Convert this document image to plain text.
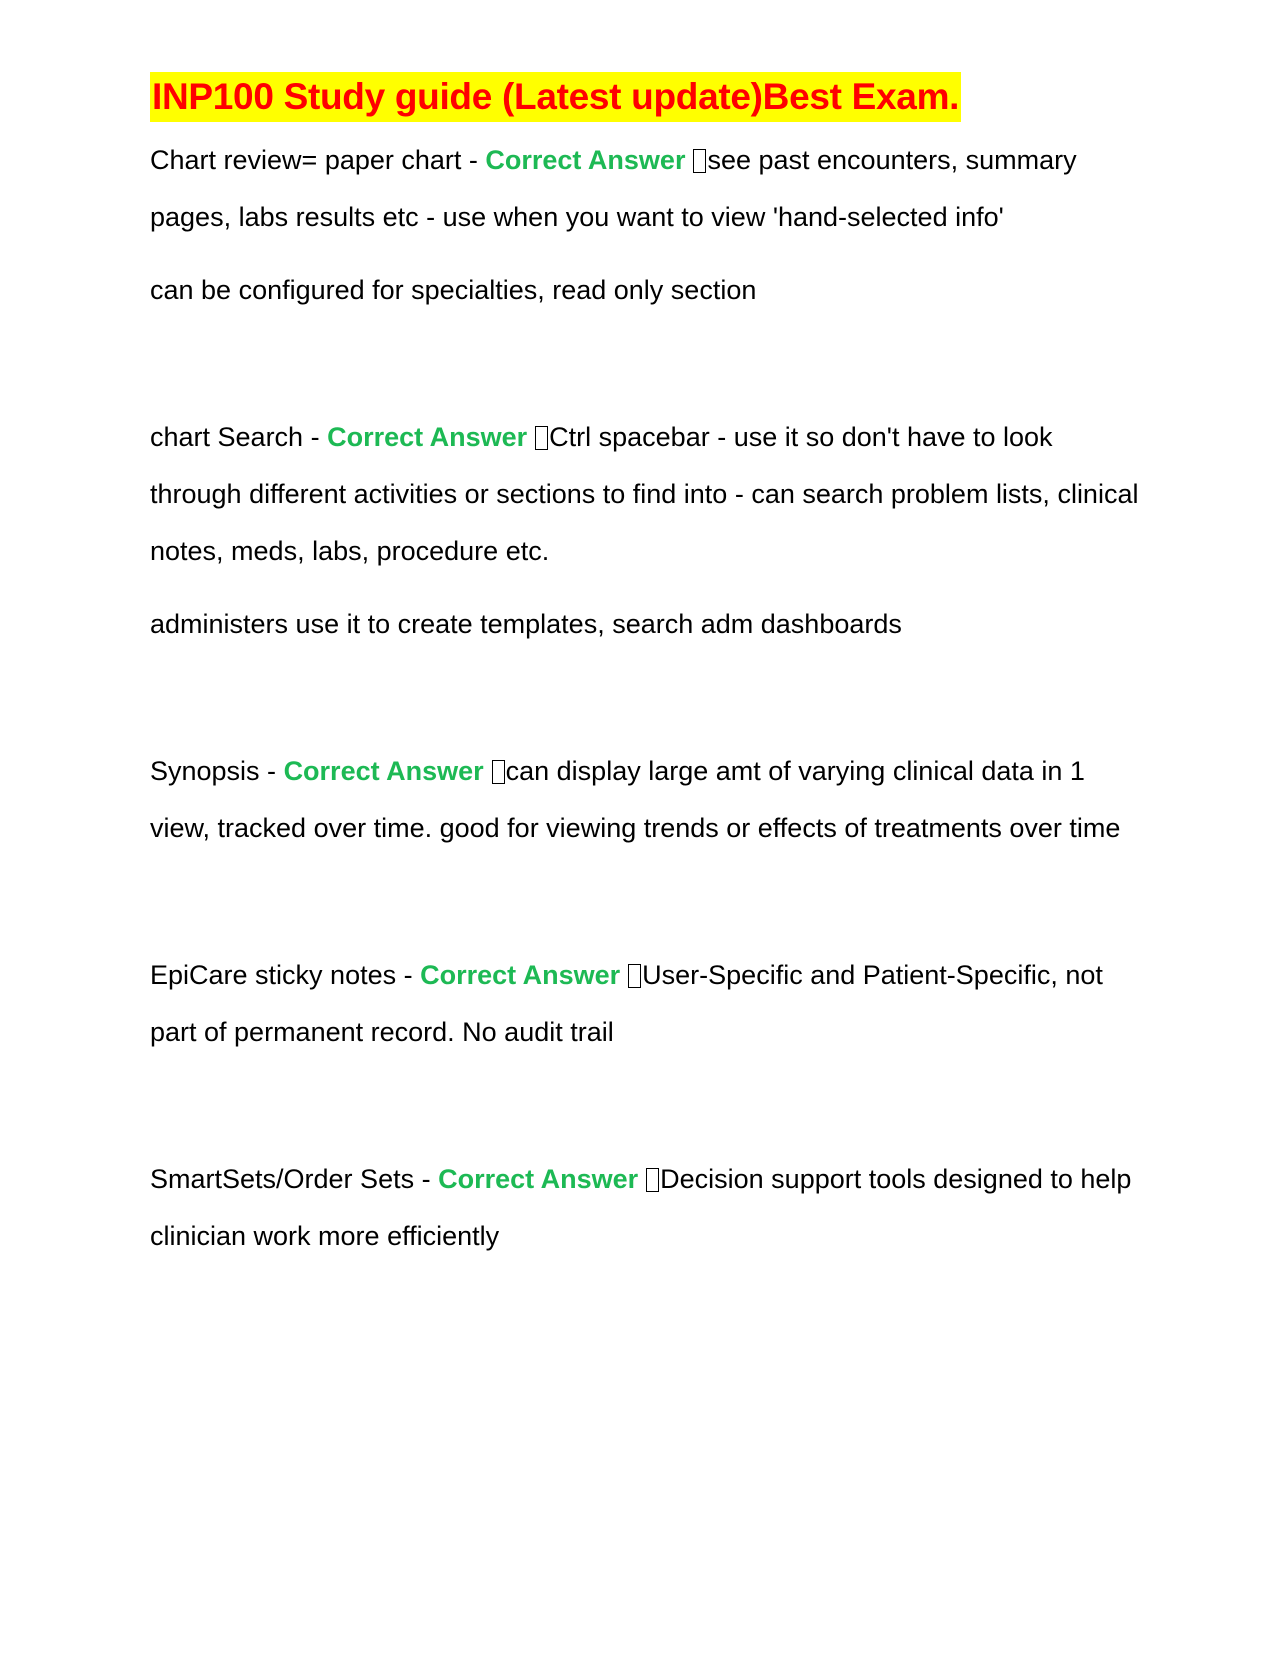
INP100 Study guide (Latest update)Best Exam.

Chart review= paper chart - Correct Answer see past encounters, summary pages, labs results etc - use when you want to view 'hand-selected info'

can be configured for specialties, read only section

chart Search - Correct Answer Ctrl spacebar - use it so don't have to look through different activities or sections to find into - can search problem lists, clinical notes, meds, labs, procedure etc.

administers use it to create templates, search adm dashboards

Synopsis - Correct Answer can display large amt of varying clinical data in 1 view, tracked over time. good for viewing trends or effects of treatments over time

EpiCare sticky notes - Correct Answer User-Specific and Patient-Specific, not part of permanent record. No audit trail

SmartSets/Order Sets - Correct Answer Decision support tools designed to help clinician work more efficiently
